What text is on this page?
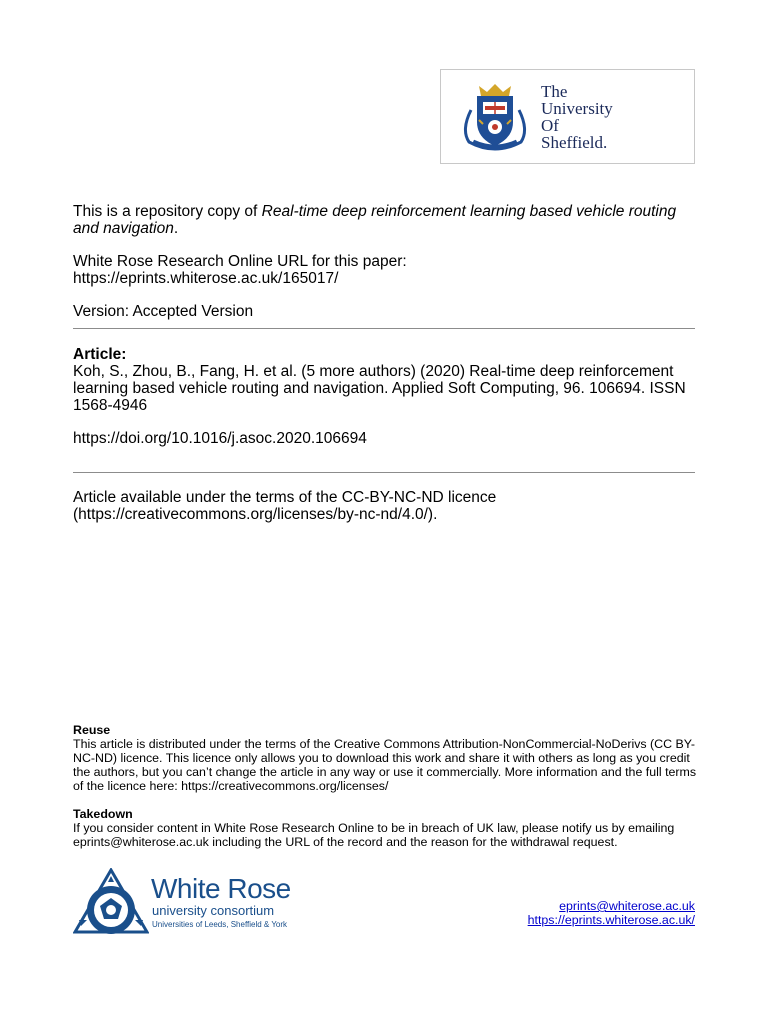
The
University
Of
Sheffield.
This is a repository copy of Real-time deep reinforcement learning based vehicle routing and navigation.
White Rose Research Online URL for this paper:
https://eprints.whiterose.ac.uk/165017/
Version: Accepted Version
Article:
Koh, S., Zhou, B., Fang, H. et al. (5 more authors) (2020) Real-time deep reinforcement learning based vehicle routing and navigation. Applied Soft Computing, 96. 106694. ISSN 1568-4946
https://doi.org/10.1016/j.asoc.2020.106694
Article available under the terms of the CC-BY-NC-ND licence (https://creativecommons.org/licenses/by-nc-nd/4.0/).
Reuse
This article is distributed under the terms of the Creative Commons Attribution-NonCommercial-NoDerivs (CC BY-NC-ND) licence. This licence only allows you to download this work and share it with others as long as you credit the authors, but you can’t change the article in any way or use it commercially. More information and the full terms of the licence here: https://creativecommons.org/licenses/
Takedown
If you consider content in White Rose Research Online to be in breach of UK law, please notify us by emailing eprints@whiterose.ac.uk including the URL of the record and the reason for the withdrawal request.
White Rose
university consortium
Universities of Leeds, Sheffield & York
eprints@whiterose.ac.uk
https://eprints.whiterose.ac.uk/
